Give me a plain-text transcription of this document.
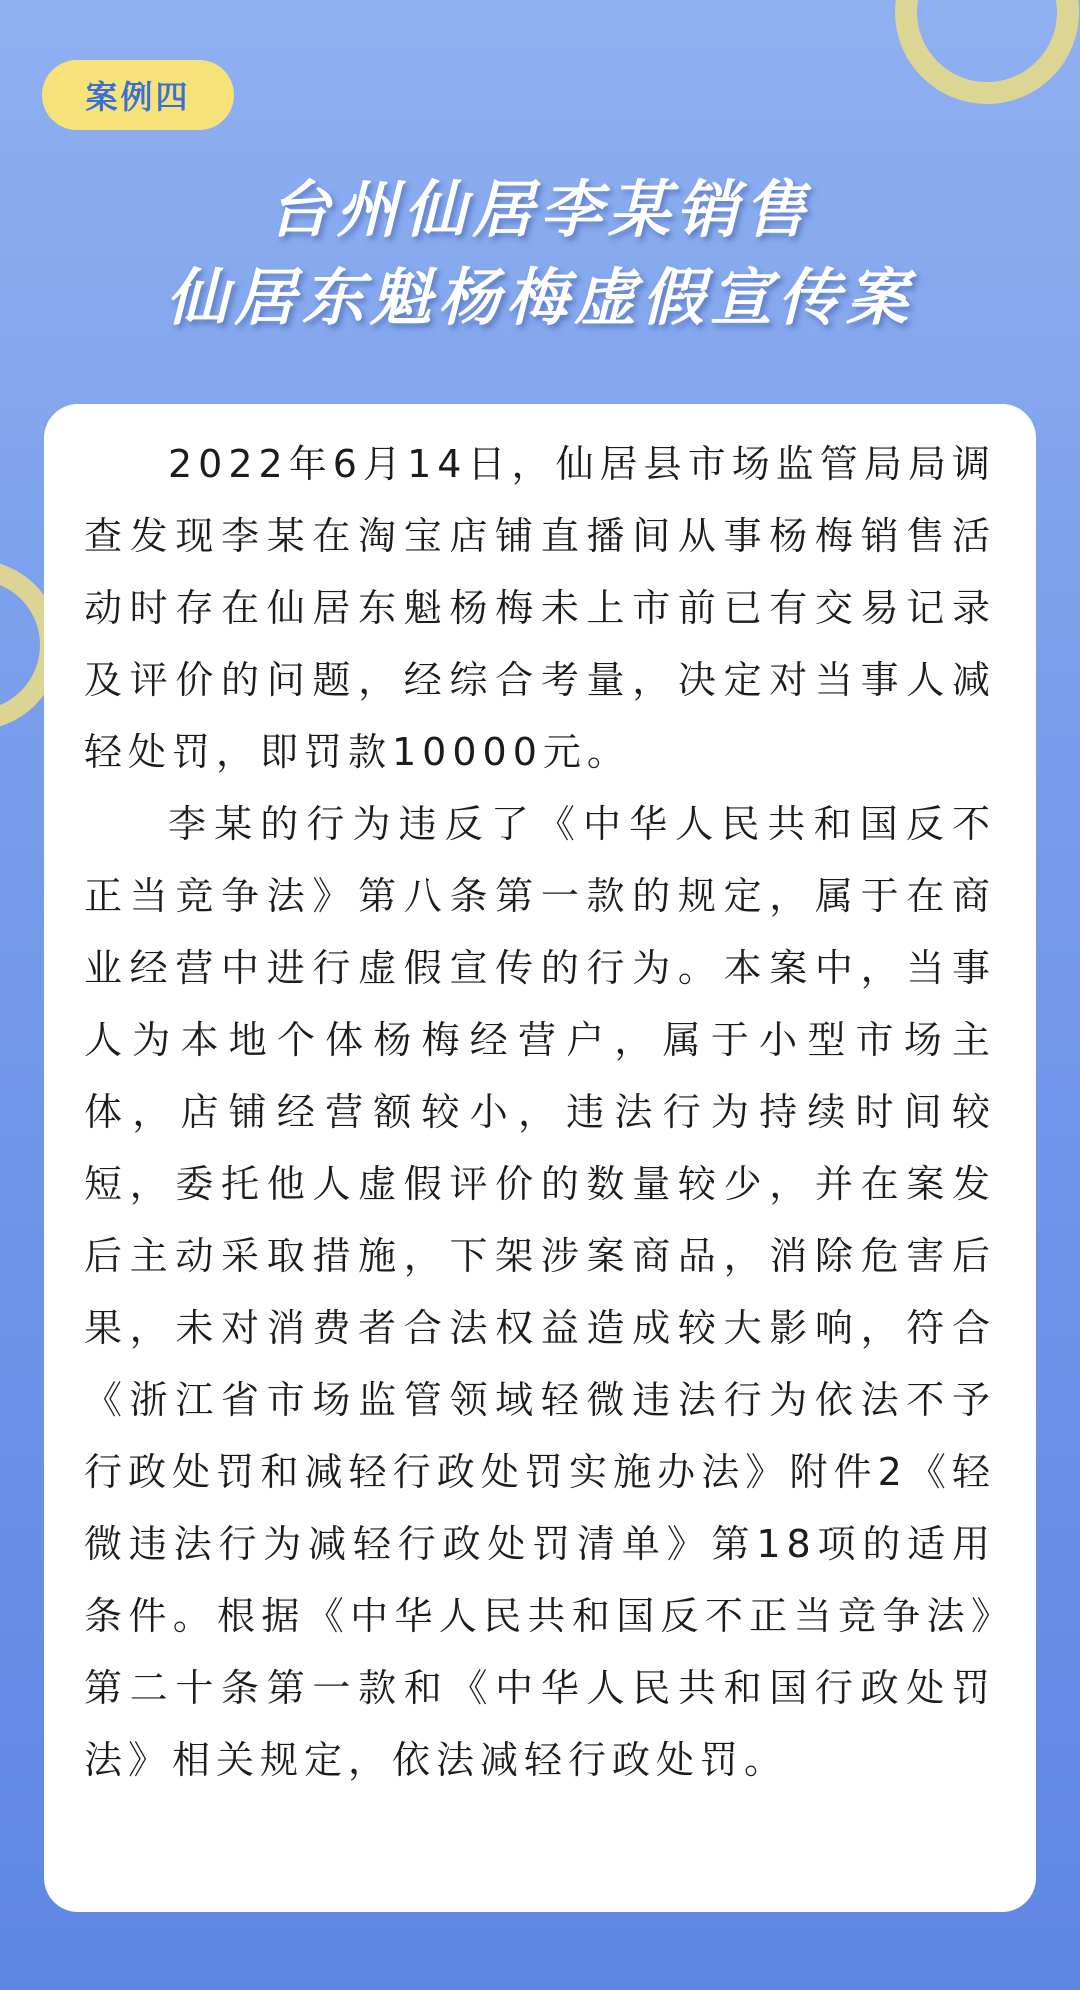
案例四
台州仙居李某销售
仙居东魁杨梅虚假宣传案

2022年6月14日，仙居县市场监管局局调查发现李某在淘宝店铺直播间从事杨梅销售活动时存在仙居东魁杨梅未上市前已有交易记录及评价的问题，经综合考量，决定对当事人减轻处罚，即罚款10000元。

李某的行为违反了《中华人民共和国反不正当竞争法》第八条第一款的规定，属于在商业经营中进行虚假宣传的行为。本案中，当事人为本地个体杨梅经营户，属于小型市场主体，店铺经营额较小，违法行为持续时间较短，委托他人虚假评价的数量较少，并在案发后主动采取措施，下架涉案商品，消除危害后果，未对消费者合法权益造成较大影响，符合《浙江省市场监管领域轻微违法行为依法不予行政处罚和减轻行政处罚实施办法》附件2《轻微违法行为减轻行政处罚清单》第18项的适用条件。根据《中华人民共和国反不正当竞争法》第二十条第一款和《中华人民共和国行政处罚法》相关规定，依法减轻行政处罚。
